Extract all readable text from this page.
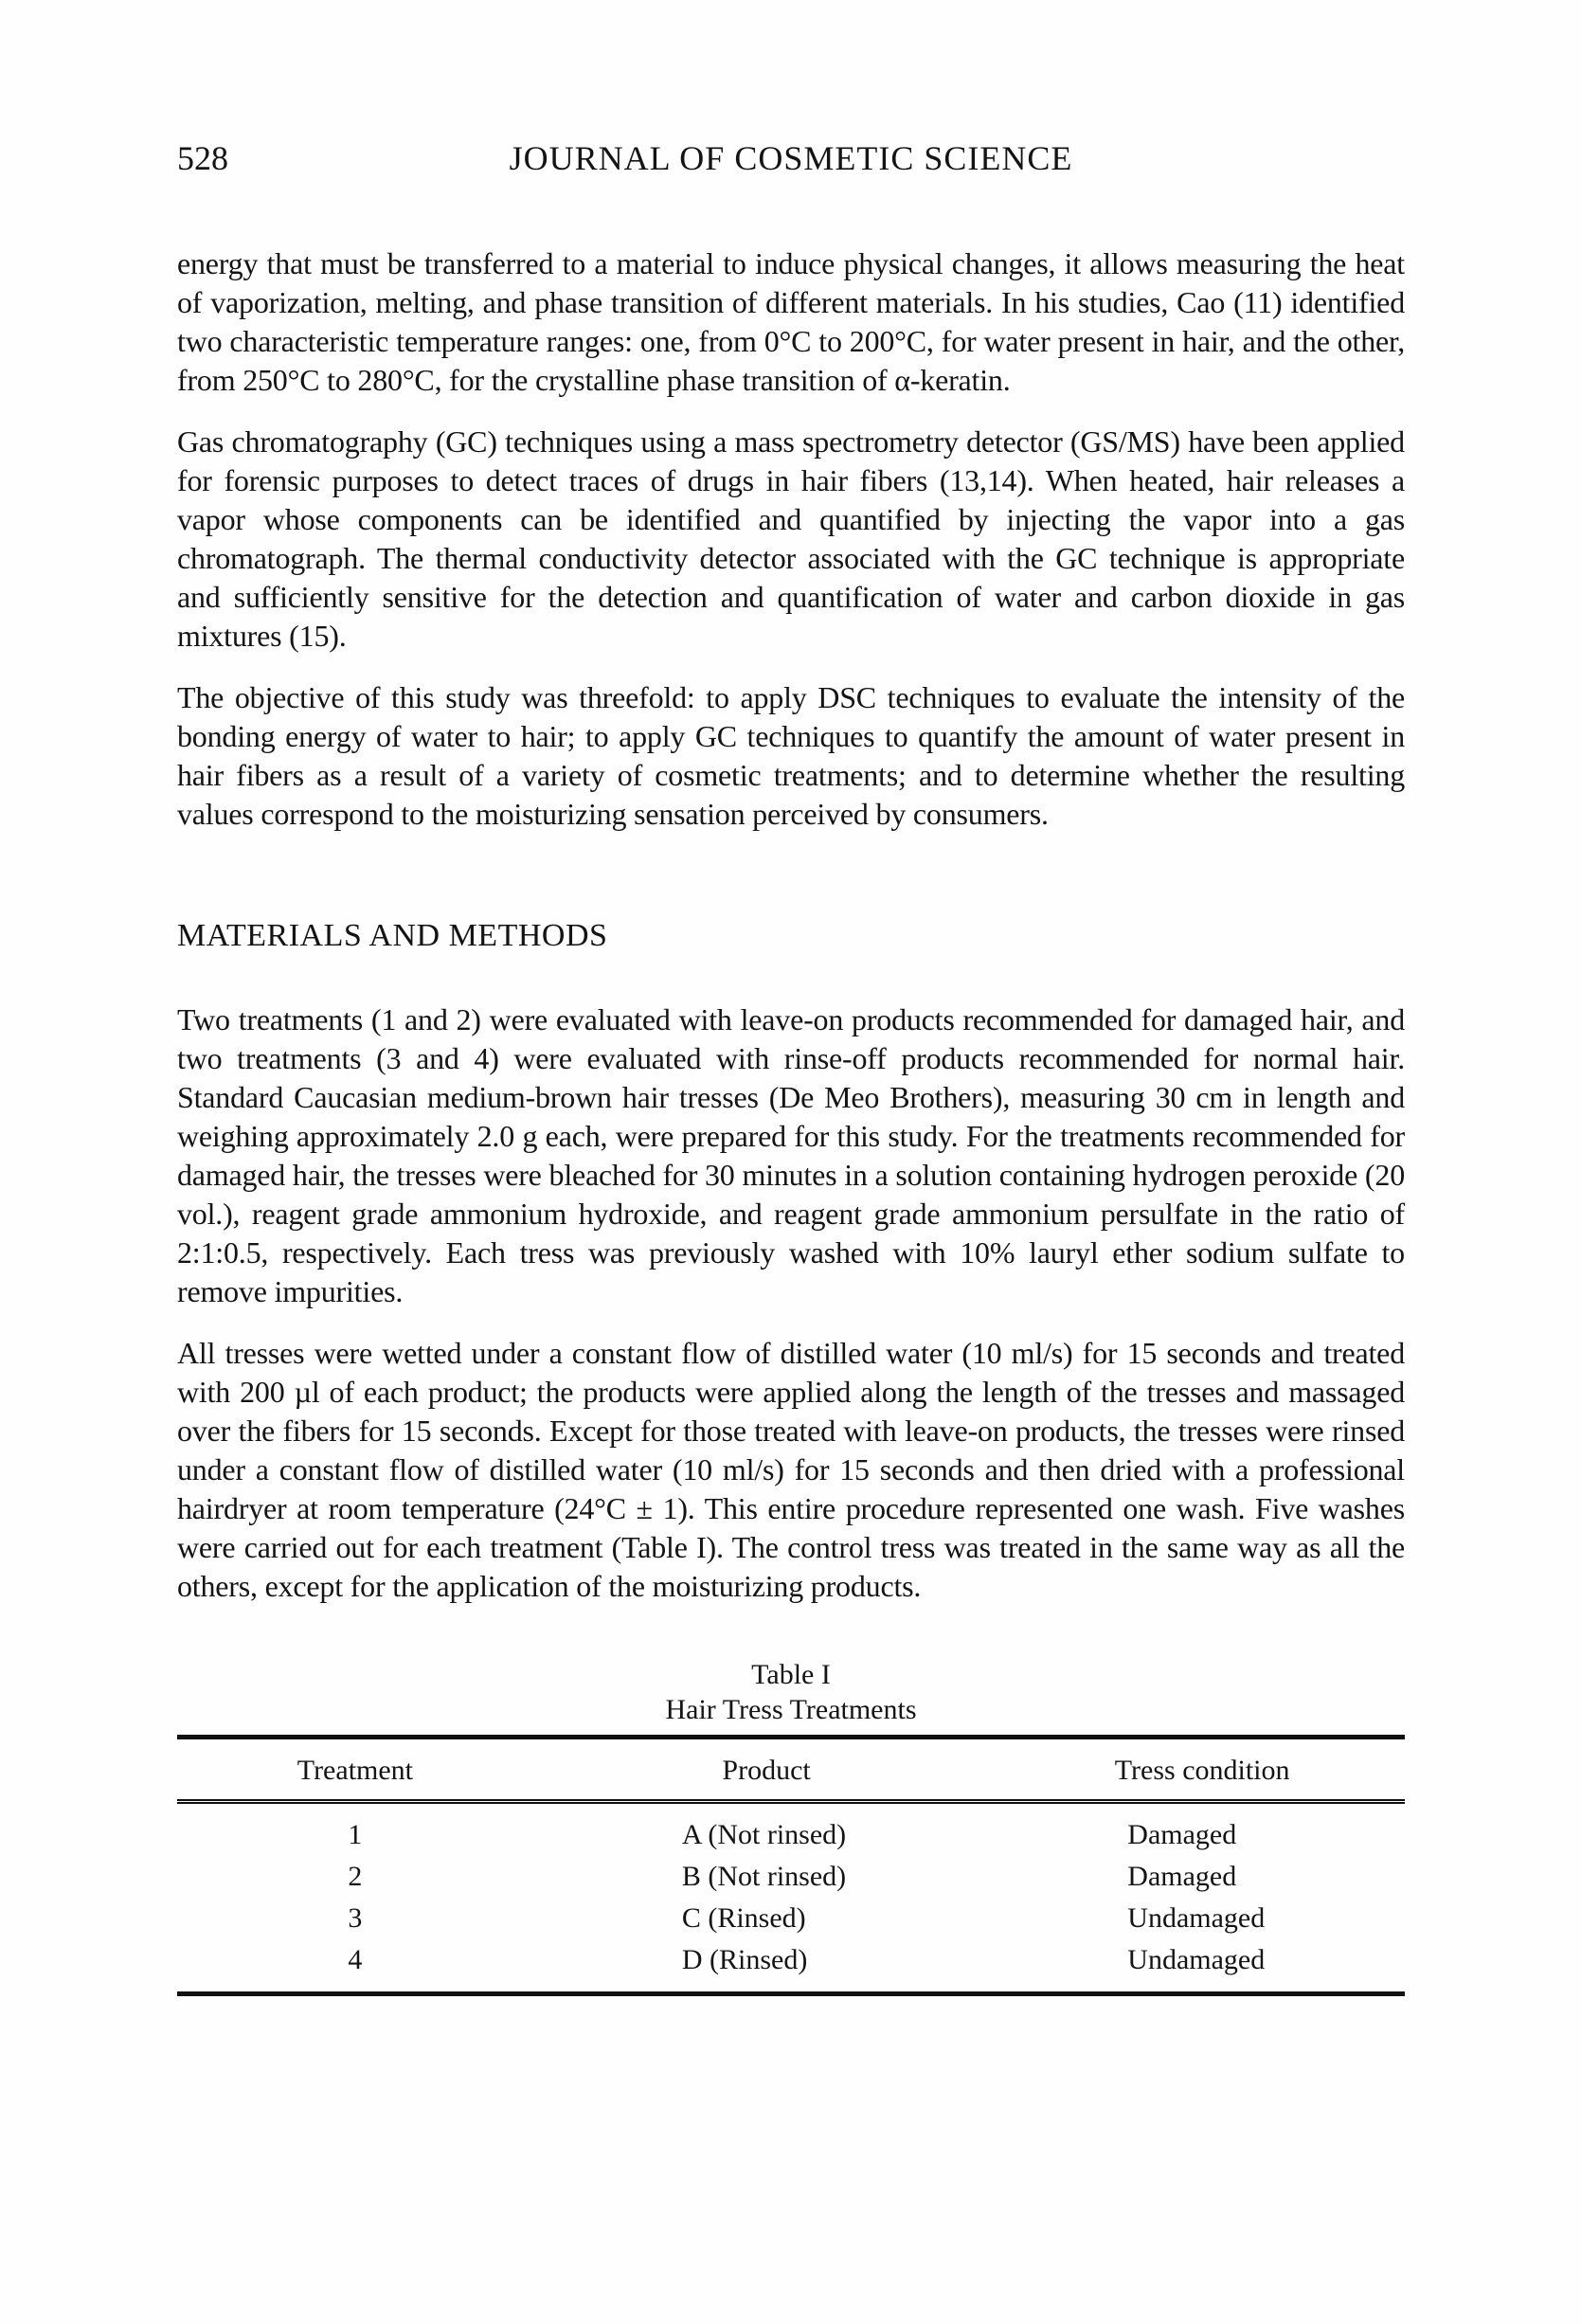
528	JOURNAL OF COSMETIC SCIENCE

energy that must be transferred to a material to induce physical changes, it allows measuring the heat of vaporization, melting, and phase transition of different materials. In his studies, Cao (11) identified two characteristic temperature ranges: one, from 0°C to 200°C, for water present in hair, and the other, from 250°C to 280°C, for the crystalline phase transition of α-keratin.

Gas chromatography (GC) techniques using a mass spectrometry detector (GS/MS) have been applied for forensic purposes to detect traces of drugs in hair fibers (13,14). When heated, hair releases a vapor whose components can be identified and quantified by injecting the vapor into a gas chromatograph. The thermal conductivity detector associated with the GC technique is appropriate and sufficiently sensitive for the detection and quantification of water and carbon dioxide in gas mixtures (15).

The objective of this study was threefold: to apply DSC techniques to evaluate the intensity of the bonding energy of water to hair; to apply GC techniques to quantify the amount of water present in hair fibers as a result of a variety of cosmetic treatments; and to determine whether the resulting values correspond to the moisturizing sensation perceived by consumers.

MATERIALS AND METHODS

Two treatments (1 and 2) were evaluated with leave-on products recommended for damaged hair, and two treatments (3 and 4) were evaluated with rinse-off products recommended for normal hair. Standard Caucasian medium-brown hair tresses (De Meo Brothers), measuring 30 cm in length and weighing approximately 2.0 g each, were prepared for this study. For the treatments recommended for damaged hair, the tresses were bleached for 30 minutes in a solution containing hydrogen peroxide (20 vol.), reagent grade ammonium hydroxide, and reagent grade ammonium persulfate in the ratio of 2:1:0.5, respectively. Each tress was previously washed with 10% lauryl ether sodium sulfate to remove impurities.

All tresses were wetted under a constant flow of distilled water (10 ml/s) for 15 seconds and treated with 200 µl of each product; the products were applied along the length of the tresses and massaged over the fibers for 15 seconds. Except for those treated with leave-on products, the tresses were rinsed under a constant flow of distilled water (10 ml/s) for 15 seconds and then dried with a professional hairdryer at room temperature (24°C ± 1). This entire procedure represented one wash. Five washes were carried out for each treatment (Table I). The control tress was treated in the same way as all the others, except for the application of the moisturizing products.

Table I
Hair Tress Treatments
Treatment	Product	Tress condition
1	A (Not rinsed)	Damaged
2	B (Not rinsed)	Damaged
3	C (Rinsed)	Undamaged
4	D (Rinsed)	Undamaged
